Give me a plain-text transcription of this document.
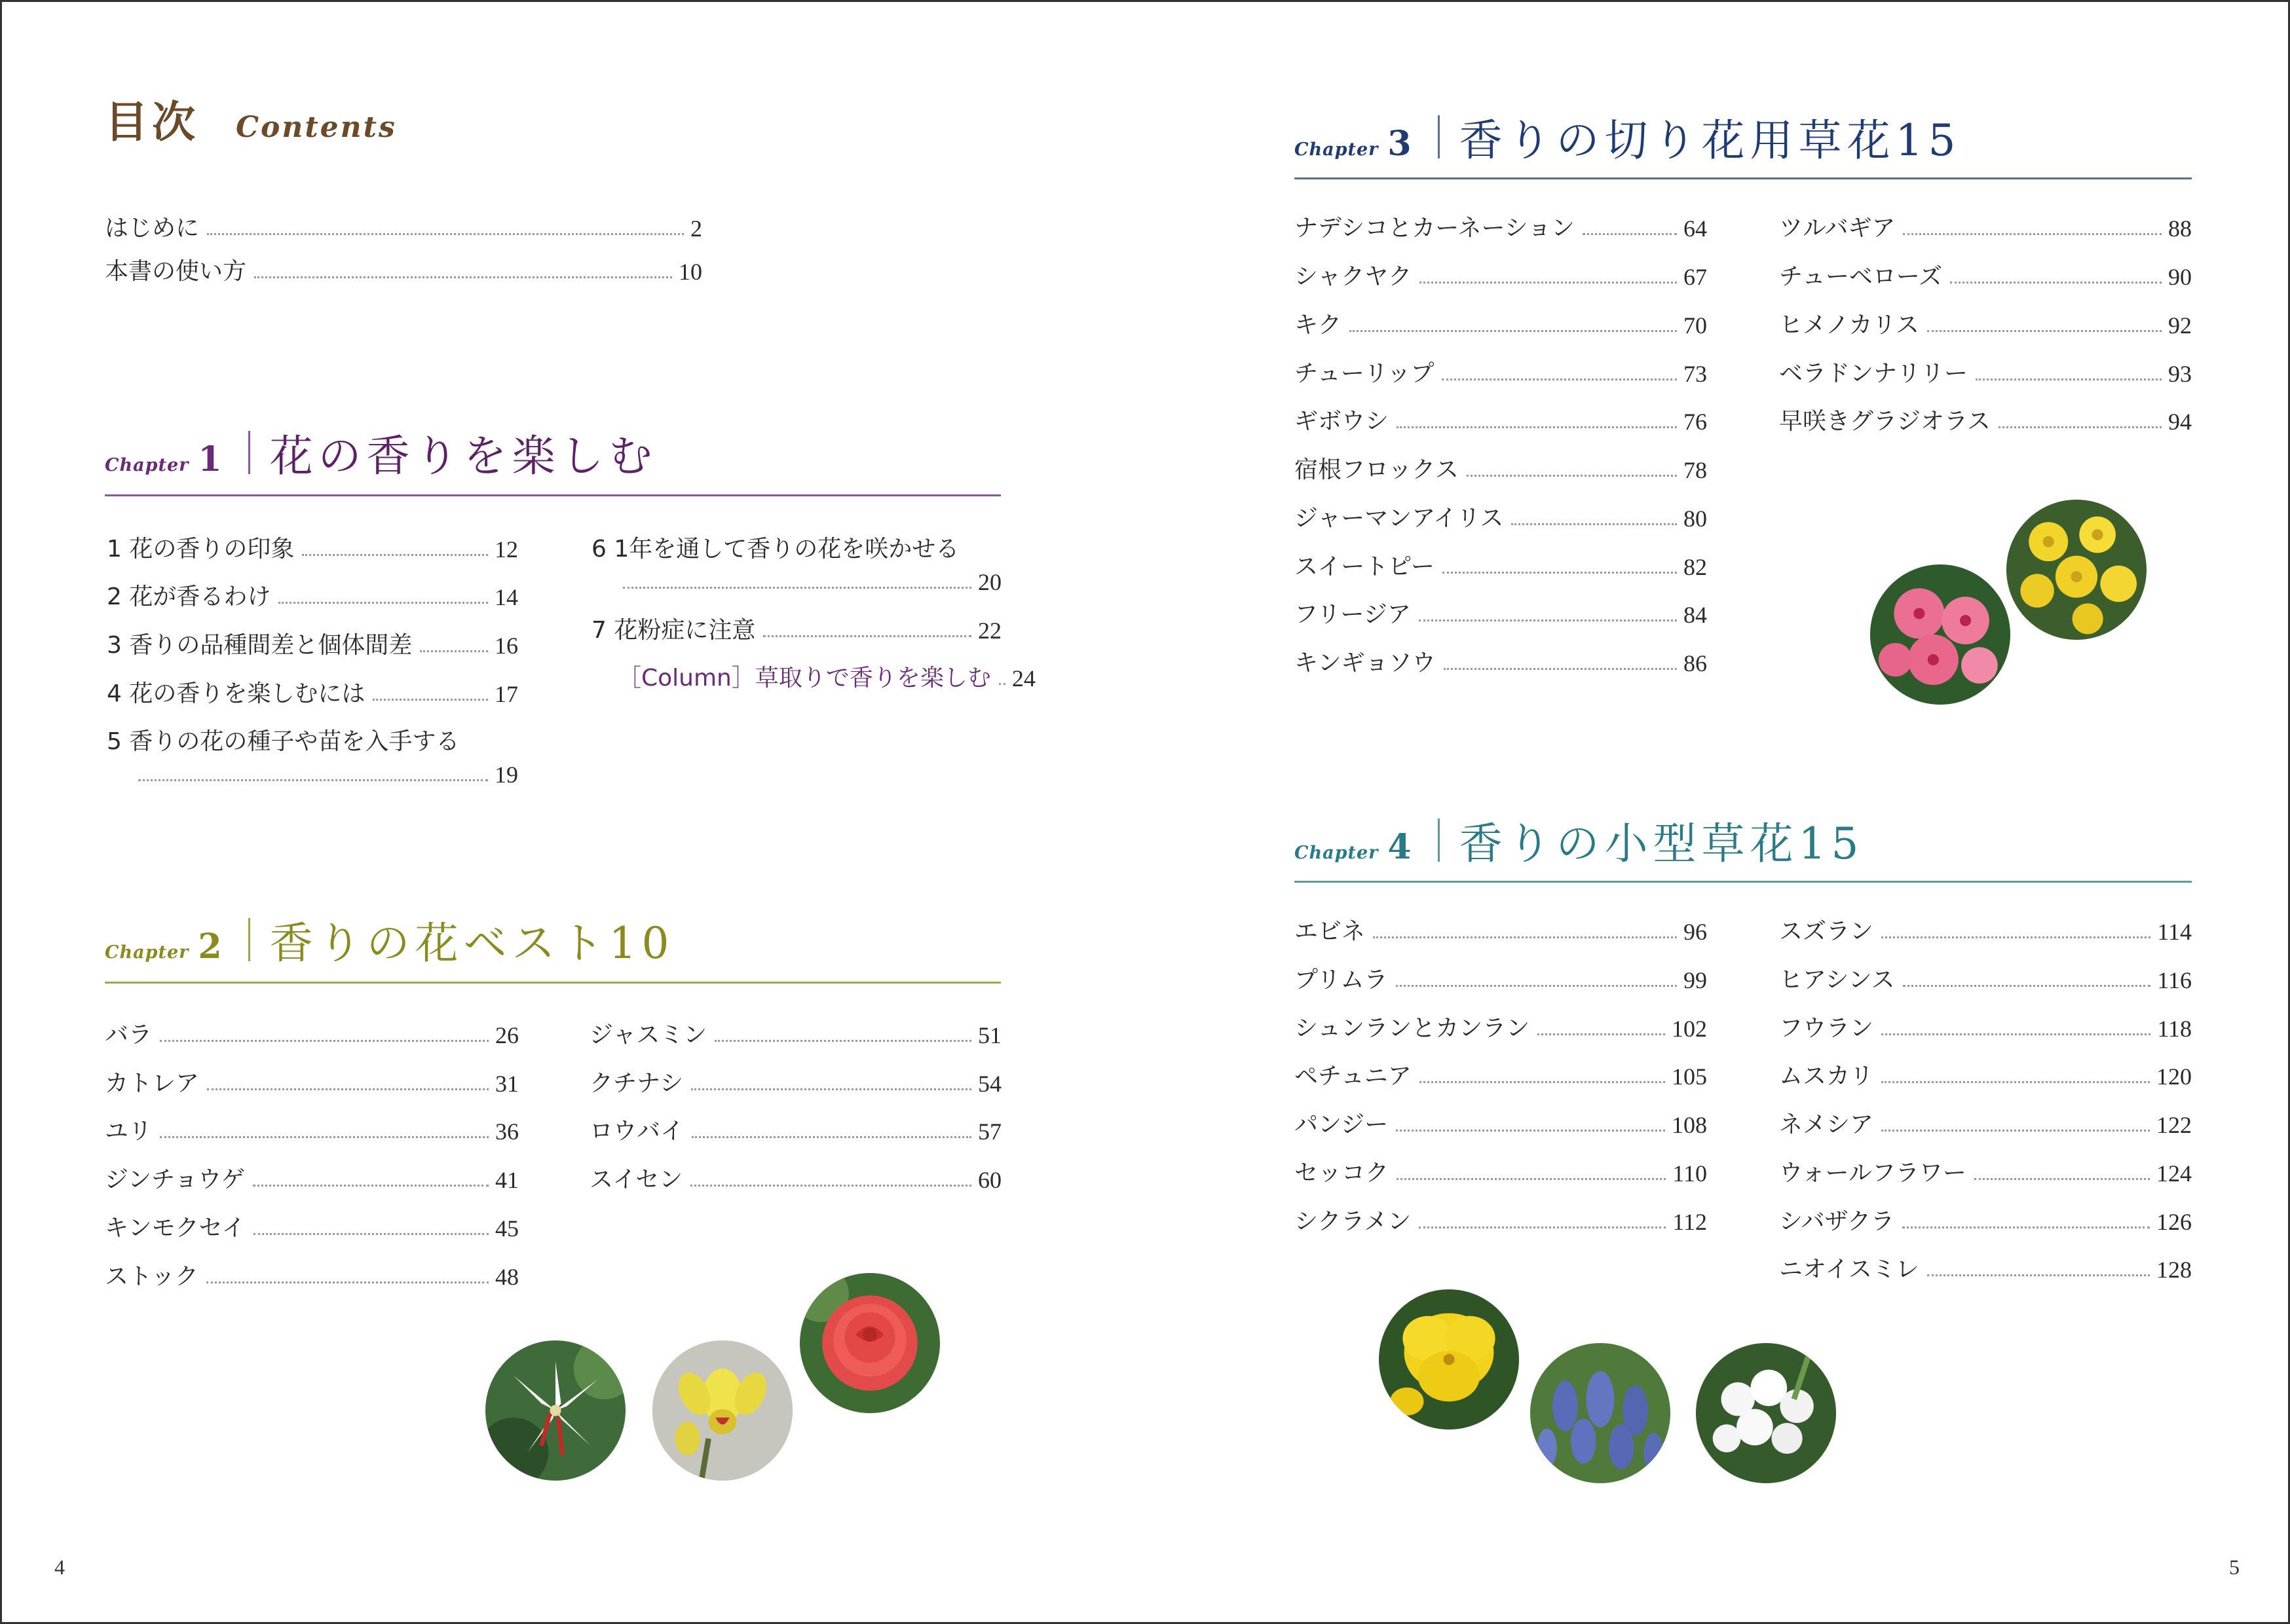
目次 Contents
はじめに	2
本書の使い方	10
Chapter 1 花の香りを楽しむ
1 花の香りの印象	12
2 花が香るわけ	14
3 香りの品種間差と個体間差	16
4 花の香りを楽しむには	17
5 香りの花の種子や苗を入手する
19
6 1年を通して香りの花を咲かせる
20
7 花粉症に注意	22
［Column］草取りで香りを楽しむ 24
Chapter 2 香りの花ベスト10
バラ	26
カトレア	31
ユリ	36
ジンチョウゲ	41
キンモクセイ	45
ストック	48
ジャスミン	51
クチナシ	54
ロウバイ	57
スイセン	60
4
Chapter 3 香りの切り花用草花15
ナデシコとカーネーション	64
シャクヤク	67
キク	70
チューリップ	73
ギボウシ	76
宿根フロックス	78
ジャーマンアイリス	80
スイートピー	82
フリージア	84
キンギョソウ	86
ツルバギア	88
チューベローズ	90
ヒメノカリス	92
ベラドンナリリー	93
早咲きグラジオラス	94
Chapter 4 香りの小型草花15
エビネ	96
プリムラ	99
シュンランとカンラン	102
ペチュニア	105
パンジー	108
セッコク	110
シクラメン	112
スズラン	114
ヒアシンス	116
フウラン	118
ムスカリ	120
ネメシア	122
ウォールフラワー	124
シバザクラ	126
ニオイスミレ	128
5
